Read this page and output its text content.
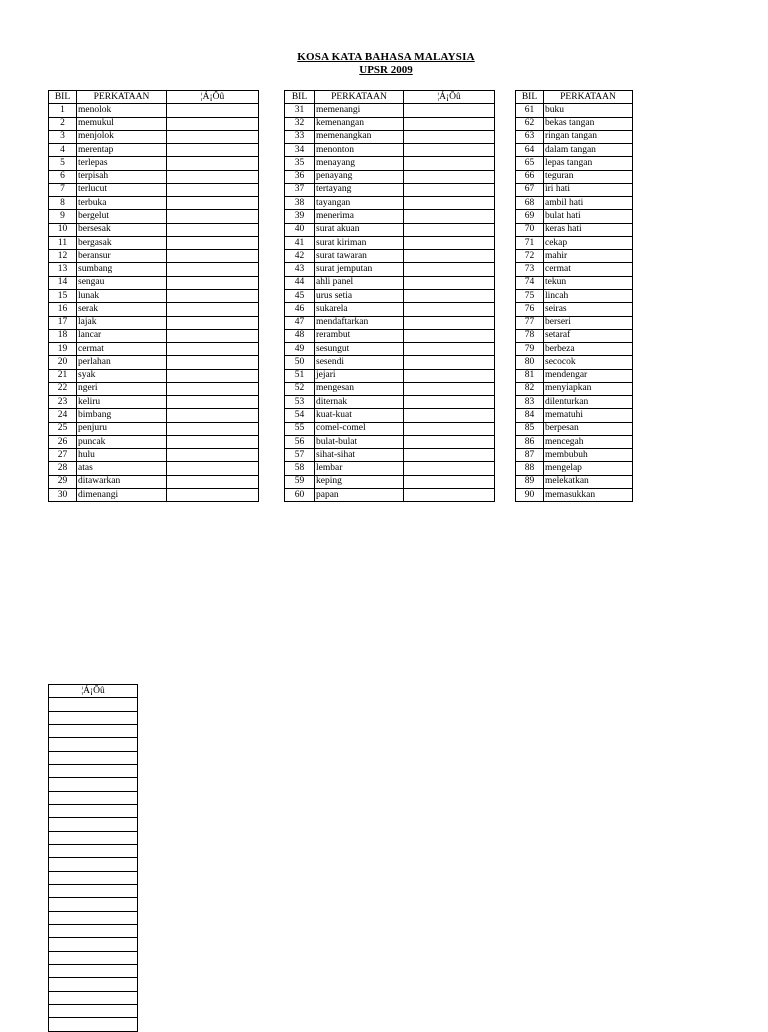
KOSA KATA BAHASA MALAYSIA
UPSR 2009
BIL	PERKATAAN	¦Á¡Ôû
1	menolok	
2	memukul	
3	menjolok	
4	merentap	
5	terlepas	
6	terpisah	
7	terlucut	
8	terbuka	
9	bergelut	
10	bersesak	
11	bergasak	
12	beransur	
13	sumbang	
14	sengau	
15	lunak	
16	serak	
17	lajak	
18	lancar	
19	cermat	
20	perlahan	
21	syak	
22	ngeri	
23	keliru	
24	bimbang	
25	penjuru	
26	puncak	
27	hulu	
28	atas	
29	ditawarkan	
30	dimenangi	
BIL	PERKATAAN	¦Á¡Ôû
31	memenangi	
32	kemenangan	
33	memenangkan	
34	menonton	
35	menayang	
36	penayang	
37	tertayang	
38	tayangan	
39	menerima	
40	surat akuan	
41	surat kiriman	
42	surat tawaran	
43	surat jemputan	
44	ahli panel	
45	urus setia	
46	sukarela	
47	mendaftarkan	
48	rerambut	
49	sesungut	
50	sesendi	
51	jejari	
52	mengesan	
53	diternak	
54	kuat-kuat	
55	comel-comel	
56	bulat-bulat	
57	sihat-sihat	
58	lembar	
59	keping	
60	papan	
BIL	PERKATAAN
61	buku
62	bekas tangan
63	ringan tangan
64	dalam tangan
65	lepas tangan
66	teguran
67	iri hati
68	ambil hati
69	bulat hati
70	keras hati
71	cekap
72	mahir
73	cermat
74	tekun
75	lincah
76	seiras
77	berseri
78	setaraf
79	berbeza
80	secocok
81	mendengar
82	menyiapkan
83	dilenturkan
84	mematuhi
85	berpesan
86	mencegah
87	membubuh
88	mengelap
89	melekatkan
90	memasukkan
¦Á¡Ôû
